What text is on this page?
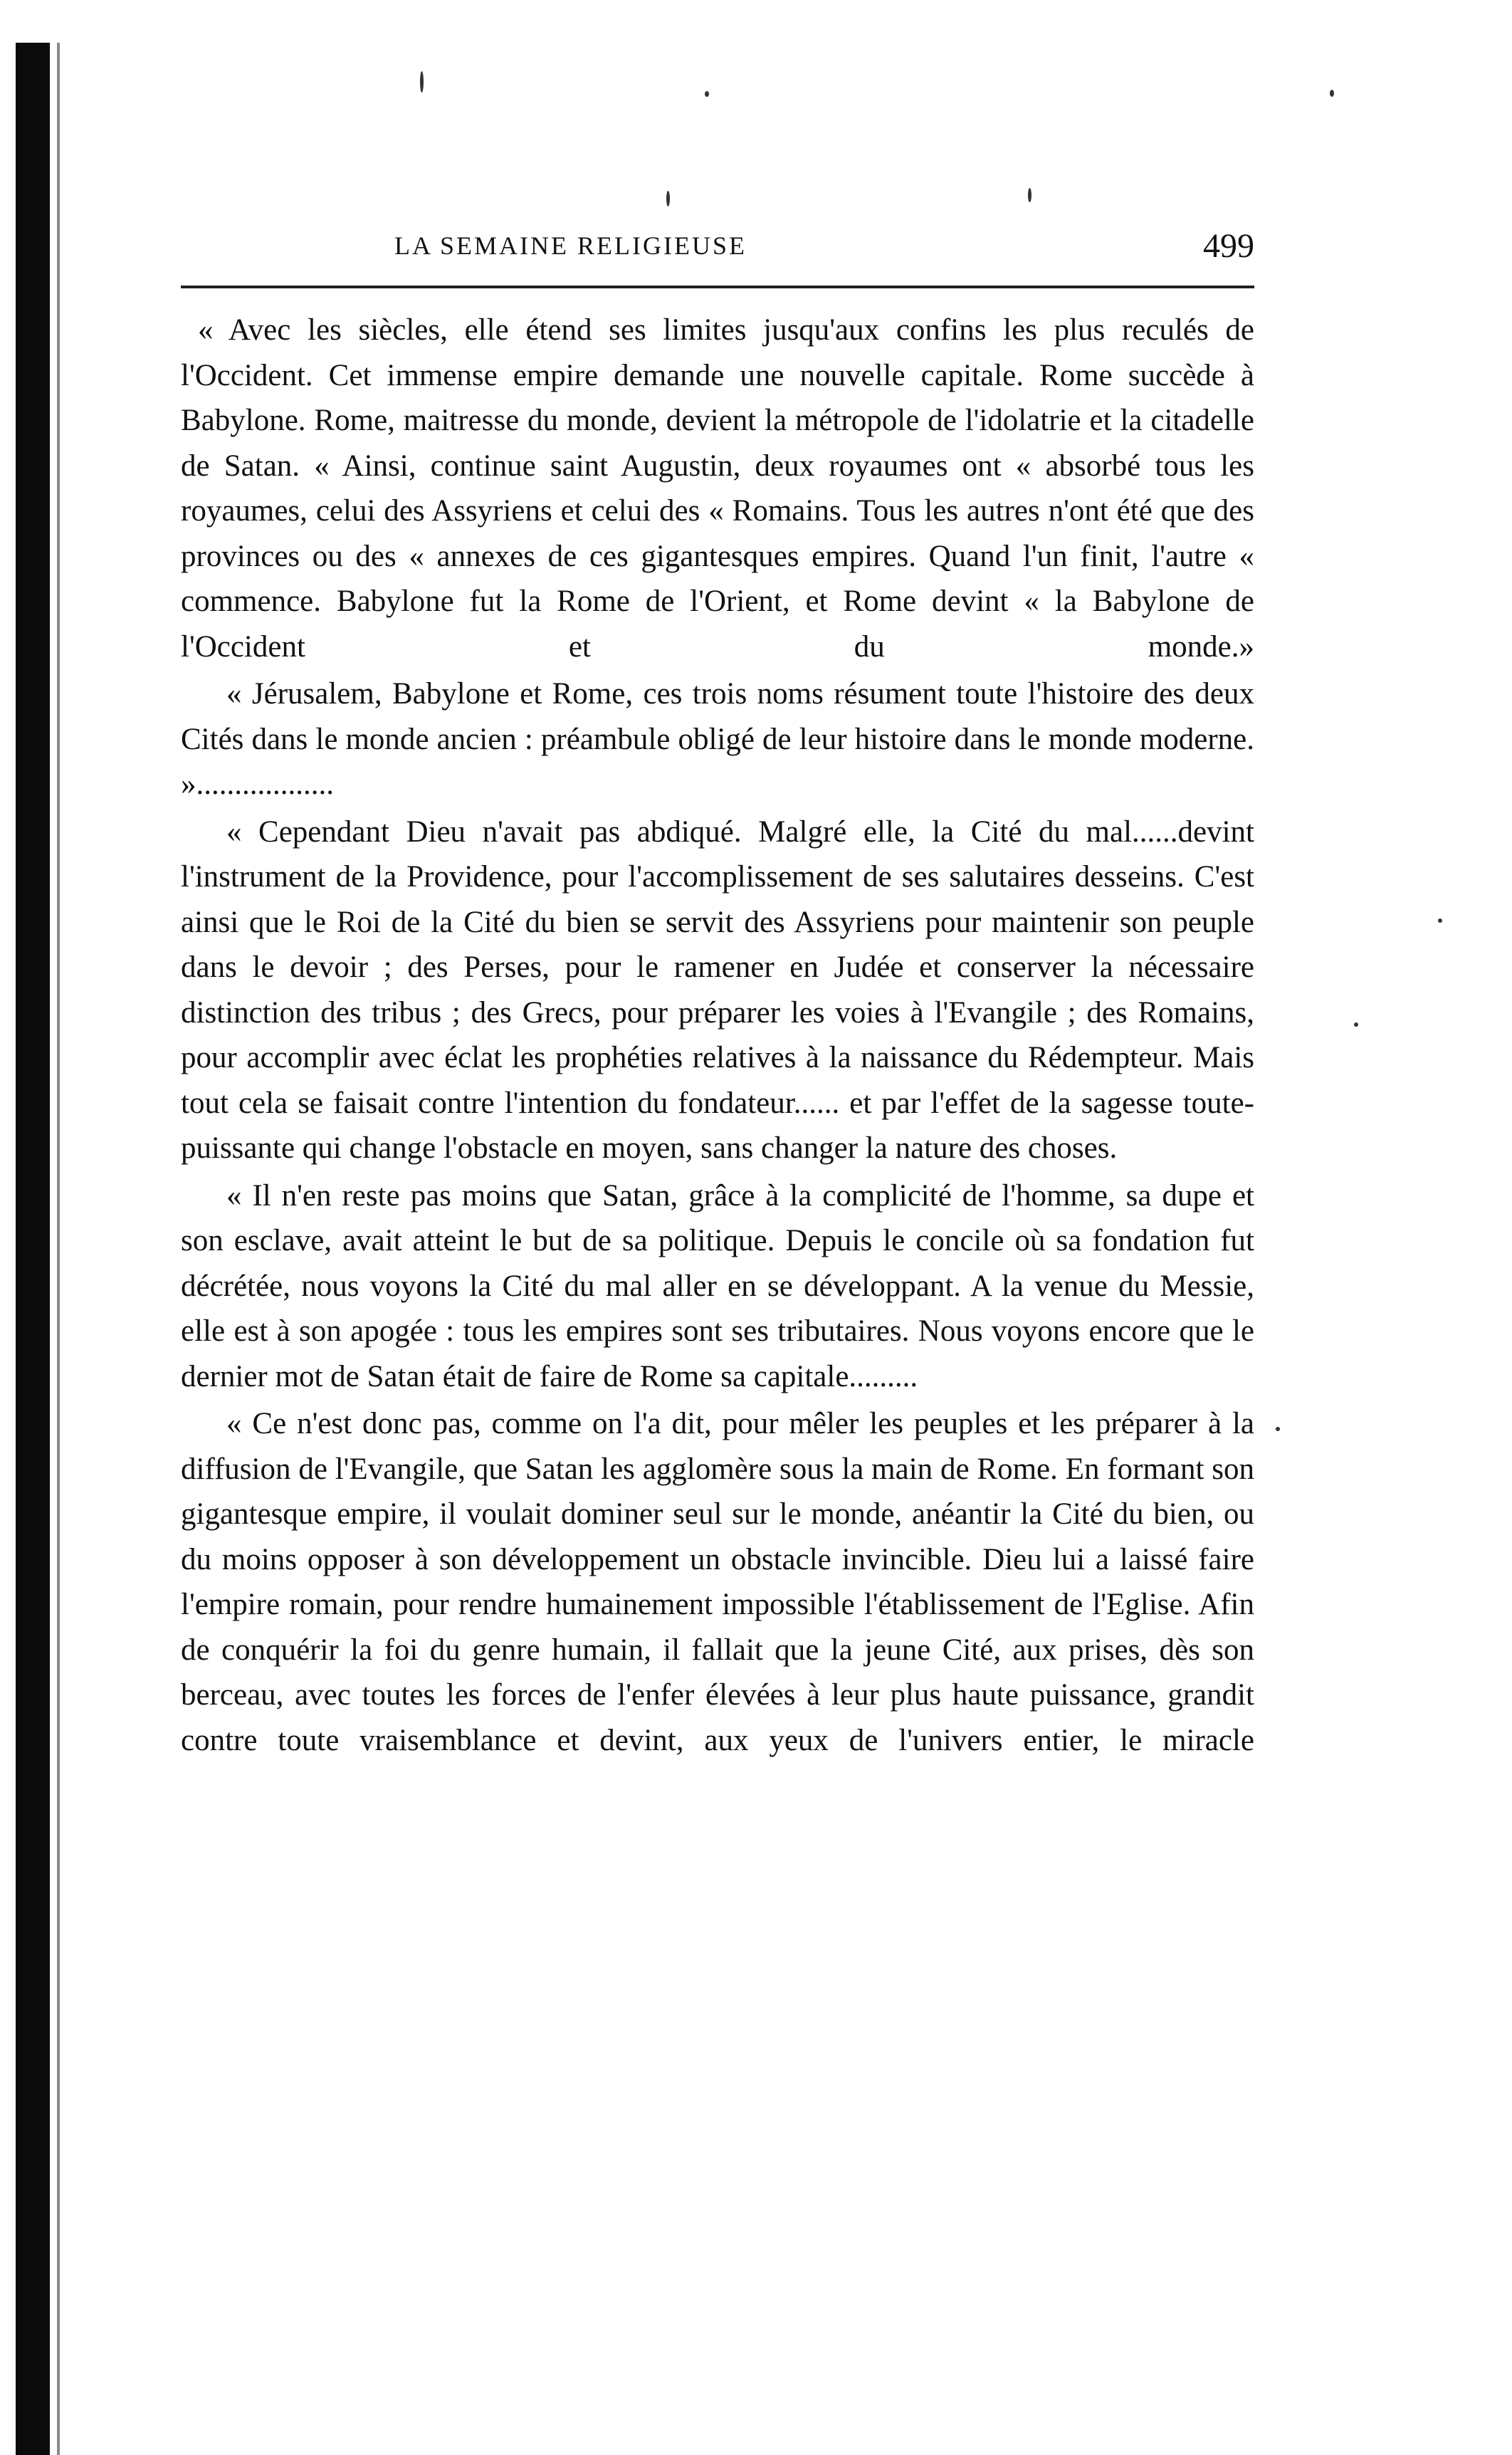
LA SEMAINE RELIGIEUSE	499

« Avec les siècles, elle étend ses limites jusqu'aux confins les plus reculés de l'Occident. Cet immense empire demande une nouvelle capitale. Rome succède à Babylone. Rome, maitresse du monde, devient la métropole de l'idolatrie et la citadelle de Satan. « Ainsi, continue saint Augustin, deux royaumes ont « absorbé tous les royaumes, celui des Assyriens et celui des « Romains. Tous les autres n'ont été que des provinces ou des « annexes de ces gigantesques empires. Quand l'un finit, l'autre « commence. Babylone fut la Rome de l'Orient, et Rome devint « la Babylone de l'Occident et du monde.»

« Jérusalem, Babylone et Rome, ces trois noms résument toute l'histoire des deux Cités dans le monde ancien : préambule obligé de leur histoire dans le monde moderne. »..................

« Cependant Dieu n'avait pas abdiqué. Malgré elle, la Cité du mal......devint l'instrument de la Providence, pour l'accomplissement de ses salutaires desseins. C'est ainsi que le Roi de la Cité du bien se servit des Assyriens pour maintenir son peuple dans le devoir ; des Perses, pour le ramener en Judée et conserver la nécessaire distinction des tribus ; des Grecs, pour préparer les voies à l'Evangile ; des Romains, pour accomplir avec éclat les prophéties relatives à la naissance du Rédempteur. Mais tout cela se faisait contre l'intention du fondateur...... et par l'effet de la sagesse toute-puissante qui change l'obstacle en moyen, sans changer la nature des choses.

« Il n'en reste pas moins que Satan, grâce à la complicité de l'homme, sa dupe et son esclave, avait atteint le but de sa politique. Depuis le concile où sa fondation fut décrétée, nous voyons la Cité du mal aller en se développant. A la venue du Messie, elle est à son apogée : tous les empires sont ses tributaires. Nous voyons encore que le dernier mot de Satan était de faire de Rome sa capitale.........

« Ce n'est donc pas, comme on l'a dit, pour mêler les peuples et les préparer à la diffusion de l'Evangile, que Satan les agglomère sous la main de Rome. En formant son gigantesque empire, il voulait dominer seul sur le monde, anéantir la Cité du bien, ou du moins opposer à son développement un obstacle invincible. Dieu lui a laissé faire l'empire romain, pour rendre humainement impossible l'établissement de l'Eglise. Afin de conquérir la foi du genre humain, il fallait que la jeune Cité, aux prises, dès son berceau, avec toutes les forces de l'enfer élevées à leur plus haute puissance, grandit contre toute vraisemblance et devint, aux yeux de l'univers entier, le miracle
